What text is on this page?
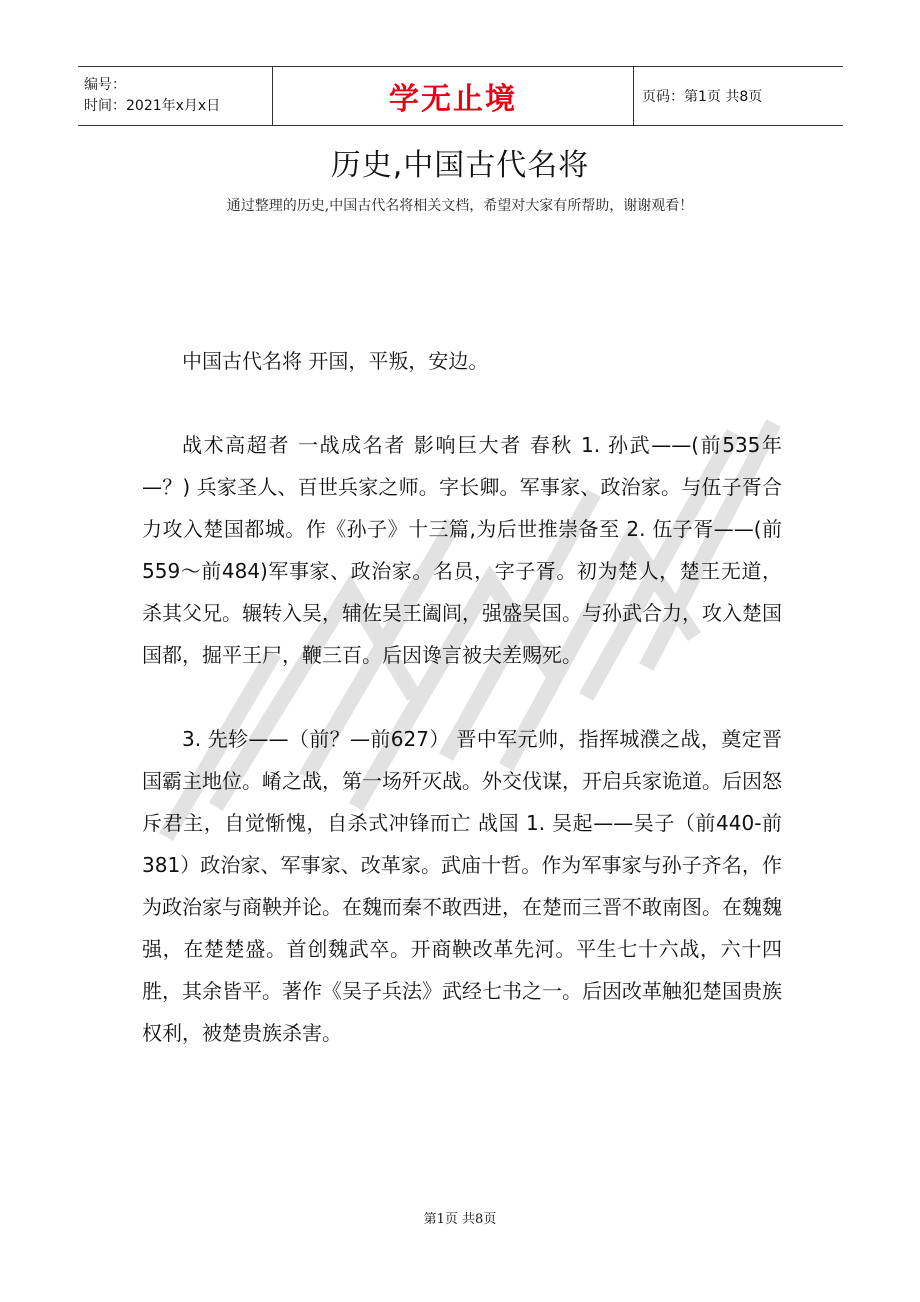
编号：
时间：2021年x月x日	学无止境	页码：第1页 共8页
历史,中国古代名将
通过整理的历史,中国古代名将相关文档，希望对大家有所帮助，谢谢观看！

中国古代名将 开国，平叛，安边。

战术高超者 一战成名者 影响巨大者 春秋 1. 孙武——(前535年—？) 兵家圣人、百世兵家之师。字长卿。军事家、政治家。与伍子胥合力攻入楚国都城。作《孙子》十三篇,为后世推崇备至 2. 伍子胥——(前559～前484)军事家、政治家。名员，字子胥。初为楚人，楚王无道，杀其父兄。辗转入吴，辅佐吴王阖闾，强盛吴国。与孙武合力，攻入楚国国都，掘平王尸，鞭三百。后因谗言被夫差赐死。

3. 先轸——（前？—前627） 晋中军元帅，指挥城濮之战，奠定晋国霸主地位。崤之战，第一场歼灭战。外交伐谋，开启兵家诡道。后因怒斥君主，自觉惭愧，自杀式冲锋而亡 战国 1. 吴起——吴子（前440-前381）政治家、军事家、改革家。武庙十哲。作为军事家与孙子齐名，作为政治家与商鞅并论。在魏而秦不敢西进，在楚而三晋不敢南图。在魏魏强，在楚楚盛。首创魏武卒。开商鞅改革先河。平生七十六战，六十四胜，其余皆平。著作《吴子兵法》武经七书之一。后因改革触犯楚国贵族权利，被楚贵族杀害。

第1页 共8页
